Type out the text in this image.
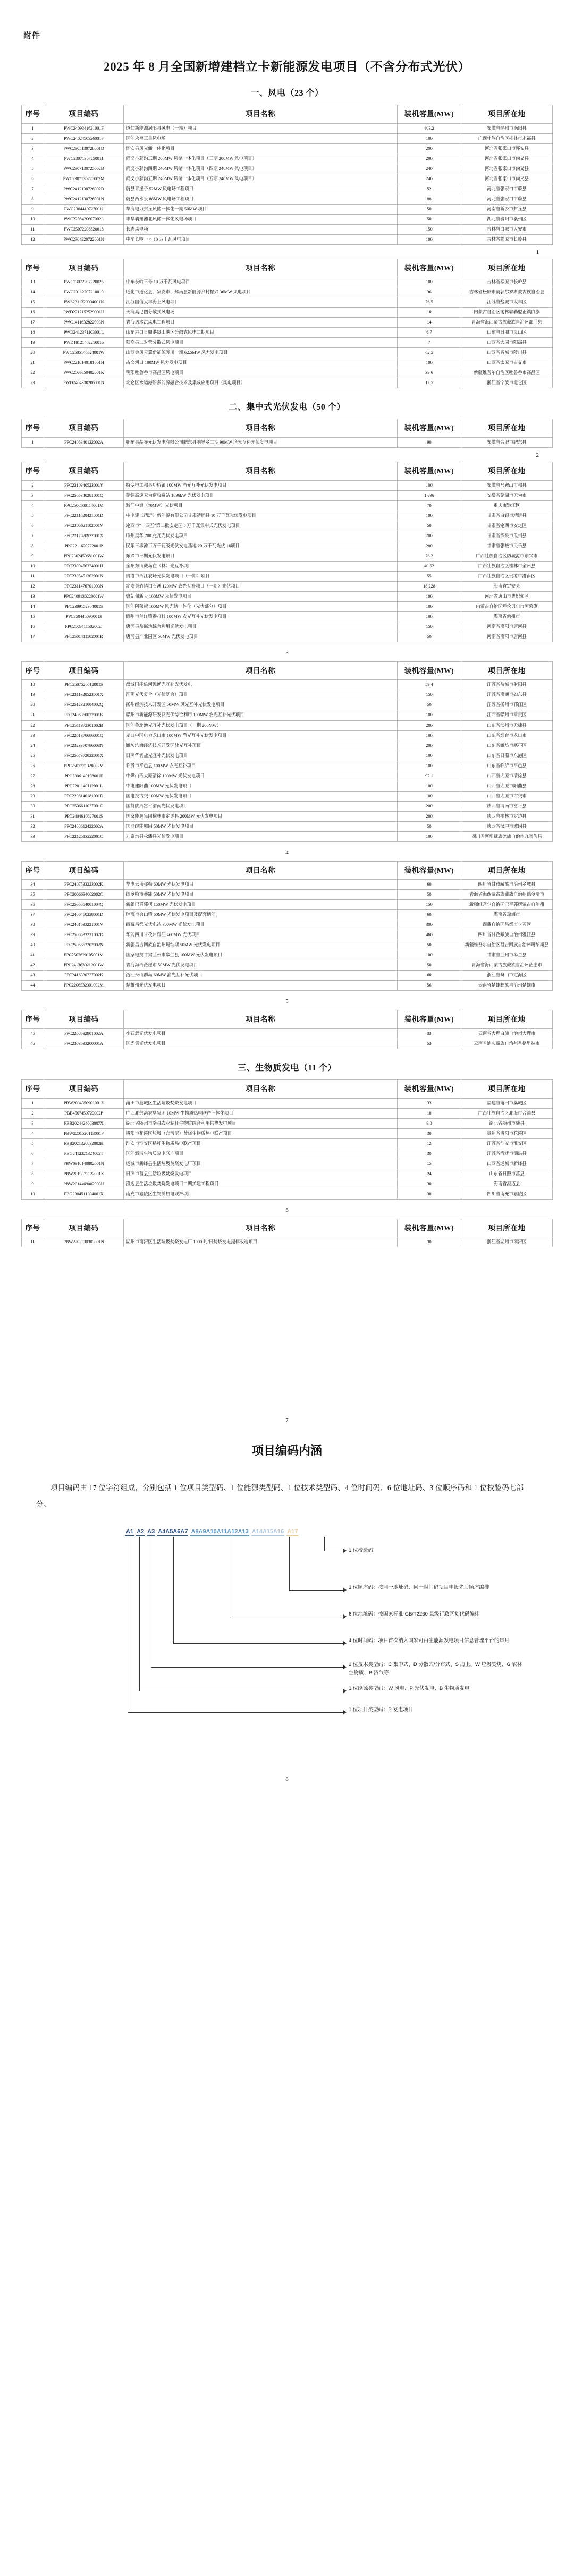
附件
2025 年 8 月全国新增建档立卡新能源发电项目（不含分布式光伏）
一、风电（23 个）
序号	项目编码	项目名称	装机容量(MW)	项目所在地
1	PWC2409341621001F	道仁新能源涡阳县风电（一期）项目	403.2	安徽省亳州市涡阳县
2	PWC2402450326001F	国能永福三皇风电场	100	广西壮族自治区桂林市永福县
3	PWC2305130728001D	怀安县风光储一体化项目	200	河北省张家口市怀安县
4	PWC23071307250011	尚义小蒜沟三期 200MW 风储一体化项目（三期 200MW 风电项目）	200	河北省张家口市尚义县
5	PWC2307130725002D	尚义小蒜沟四期 240MW 风储一体化项目（四期 240MW 风电项目）	240	河北省张家口市尚义县
6	PWC2307130725003M	尚义小蒜沟五期 240MW 风储一体化项目（五期 240MW 风电项目）	240	河北省张家口市尚义县
7	PWC2412130726002D	蔚县青崖子 52MW 风电场工程项目	52	河北省张家口市蔚县
8	PWC2412130726001N	蔚县西水泉 88MW 风电场工程项目	88	河北省张家口市蔚县
9	PWC2304410727001J	华润电力封丘风储一体化一期 50MW 项目	50	河南省新乡市封丘县
10	PWC2208420607002L	丰华襄州湘北风储一体化风电场项目	50	湖北省襄阳市襄州区
11	PWC25072208820018	长志风电场	150	吉林省白城市大安市
12	PWC2304220722001N	中车长岭一号 10 万千瓦风电项目	100	吉林省松原市长岭县
1
序号	项目编码	项目名称	装机容量(MW)	项目所在地
13	PWC23072207220025	中车长岭三号 10 万千瓦风电项目	100	吉林省松原市长岭县
14	PWC23112207210019	通化市通化县、集安市、辉南县新能源乡村振兴 36MW 风电项目	36	吉林省松原市前郭尔罗斯蒙古族自治县
15	PWS2311320904001N	江苏国信大丰海上风电项目	76.5	江苏省盐城市大丰区
16	PWD2212152529001U	天润高尼图分散式风电场	10	内蒙古自治区锡林郭勒盟正镶白旗
17	PWC1411632822003N	青海诺木洪风电工程项目	14	青海省海西蒙古族藏族自治州都兰县
18	PWD2412371103001L	山东港口日照港岚山港区分散式风电二期项目	6.7	山东省日照市岚山区
19	PWD18121402210015	阳高县二对营分散式风电项目	7	山西省大同市阳高县
20	PWC2505140524001W	山西金风天翼新能源陵川一期 62.5MW 风力发电项目	62.5	山西省晋城市陵川县
21	PWC2210140181001H	古交河口 100MW 风力发电项目	100	山西省太原市古交市
22	PWC2506650402001K	明阳吐鲁番市高昌区风电项目	39.6	新疆维吾尔自治区吐鲁番市高昌区
23	PWD2404330206001N	北仑区水运港船多能源融合技术及集成应用项目（风电项目）	12.5	浙江省宁波市北仑区
二、集中式光伏发电（50 个）
序号	项目编码	项目名称	装机容量(MW)	项目所在地
1	PPC2405340122002A	肥东县晶导光伏发电有限公司肥东县响导乡二期 90MW 渔光互补光伏发电项目	90	安徽省合肥市肥东县
2
序号	项目编码	项目名称	装机容量(MW)	项目所在地
2	PPC2310340523001Y	特变电工和县功桥镇 100MW 渔光互补光伏发电项目	100	安徽省马鞍山市和县
3	PPC2505340281001Q	芜铜高速无为南收费站 1696kW 光伏发电项目	1.696	安徽省芜湖市无为市
4	PPC2506500114001M	黔江中塘（70MW）光伏项目	70	重庆市黔江区
5	PPC2211620421001D	中电建（靖远）新能源有限公司甘肃靖远县 10 万千瓦光伏发电项目	100	甘肃省白银市靖远县
6	PPC2305621102001V	定西市"十四五"第二批安定区 5 万千瓦集中式光伏发电项目	50	甘肃省定西市安定区
7	PPC2212620922001X	瓜州昊华 200 兆瓦光伏发电项目	200	甘肃省酒泉市瓜州县
8	PPC2211620722001P	民乐三墩滩百万千瓦级光伏发电基地 20 万千瓦光伏 1#项目	200	甘肃省张掖市民乐县
9	PPC2302450681001W	东兴市三期光伏发电项目	76.2	广西壮族自治区防城港市东兴市
10	PPC2309450324001H	全州东山藏岛在（林）光互补项目	40.52	广西壮族自治区桂林市全州县
11	PPC2305451302001N	贵港市西江农场光伏发电项目（一期）项目	55	广西壮族自治区贵港市港南区
12	PPC2311470701003N	定安黄竹镇白石溪 120MW 农光互补项目（一期）光伏项目	18.228	海南省定安县
13	PPC2409130228001W	曹妃甸新天 100MW 光伏发电项目	100	河北省唐山市曹妃甸区
14	PPC2309152304001S	国能阿荣旗 100MW 风光储一体化（光伏部分）项目	100	内蒙古自治区呼伦贝尔市阿荣旗
15	PPC2504460900013	儋州市兰洋镇番打村 100MW 农光互补光伏发电项目	100	海南省儋州市
16	PPC2509411502002J	唐河县盐碱地综合利用光伏发电项目	150	河南省南阳市唐河县
17	PPC2501411502001R	唐河县产业园区 50MW 光伏发电项目	50	河南省南阳市唐河县
3
序号	项目编码	项目名称	装机容量(MW)	项目所在地
18	PPC2507520812001S	盘城国能沿河滩渔光互补光伏发电	59.4	江苏省盐城市射阳县
19	PPC2311320523001X	江阴光伏复合（光伏复合）项目	150	江苏省南通市如东县
20	PPC2512321004002Q	扬州经济技术开发区 50MW 风光互补光伏发电项目	50	江苏省扬州市邗江区
21	PPC2406360022001K	赣州市新能源研发及光伏综合利用 100MW 农光互补光伏项目	100	江西省赣州市章贡区
22	PPC2511372301002B	国能鲁北渔光互补光伏发电项目（一期 200MW）	200	山东省滨州市无棣县
23	PPC2201370686001Q	龙口中国电力龙口市 100MW 渔光互补光伏发电项目	100	山东省烟台市龙口市
24	PPC2323370786003N	潍坊滨海经济技术开发区盐光互补项目	200	山东省潍坊市寒亭区
25	PPC2507372022001X	日照华润盐光互补光伏发电项目	100	山东省日照市东港区
26	PPC2507371328002M	临沂市平邑县 100MW 农光互补项目	100	山东省临沂市平邑县
27	PPC2306140108001F	中煤山西太原清徐 100MW 光伏发电项目	92.1	山西省太原市清徐县
28	PPC2201140112001L	中电建阳曲 100MW 光伏发电项目	100	山西省太原市阳曲县
29	PPC2206140181001D	国电投古交 100MW 光伏发电项目	100	山西省太原市古交市
30	PPC2506611027001C	国能陕西富平渭南光伏发电项目	200	陕西省渭南市富平县
31	PPC2404610827001S	国家能源集团榆林市定边县 200MW 光伏发电项目	200	陕西省榆林市定边县
32	PPC2408612422002A	国网综能城固 50MW 光伏发电项目	50	陕西省汉中市城固县
33	PPC2212513222001C	九寨沟县松潘县光伏发电项目	100	四川省阿坝藏族羌族自治州九寨沟县
4
序号	项目编码	项目名称	装机容量(MW)	项目所在地
34	PPC2407533223002K	华电云南弥勒 60MW 光伏发电项目	60	四川省甘孜藏族自治州乡城县
35	PPC2006634002002C	德令哈市蓄能 50MW 光伏发电项目	50	青海省海西蒙古族藏族自治州德令哈市
36	PPC2505654001004Q	新疆巴音郭楞 150MW 光伏发电项目	150	新疆维吾尔自治区巴音郭楞蒙古自治州
37	PPC2406460228001D	琼海市会山镇 60MW 光伏发电项目及配套储能	60	海南省琼海市
38	PPC2401533221001V	西藏昌都光伏电站 300MW 光伏发电项目	300	西藏自治区昌都市卡若区
39	PPC2506533221002D	华能四川甘孜州雅江 460MW 光伏项目	460	四川省甘孜藏族自治州雅江县
40	PPC2505652302002N	新疆昌吉回族自治州玛纳斯 50MW 光伏发电项目	50	新疆维吾尔自治区昌吉回族自治州玛纳斯县
41	PPC2507620105001M	国家电投甘肃兰州市皋兰县 100MW 光伏发电项目	100	甘肃省兰州市皋兰县
42	PPC2413630212001W	青海海西茫崖市 50MW 光伏发电项目	50	青海省海西蒙古族藏族自治州茫崖市
43	PPC2416330227002K	浙江舟山群岛 60MW 渔光互补光伏项目	60	浙江省舟山市定海区
44	PPC2206532301002M	楚雄州光伏发电项目	56	云南省楚雄彝族自治州楚雄市
5
序号	项目编码	项目名称	装机容量(MW)	项目所在地
45	PPC2208532901002A	小石忽光伏发电项目	33	云南省大理白族自治州大理市
46	PPC2303533200001A	国光集光伏发电项目	53	云南省迪庆藏族自治州香格里拉市
三、生物质发电（11 个）
序号	项目编码	项目名称	装机容量(MW)	项目所在地
1	PBW2004350901001Z	莆田市荔城区生活垃圾焚烧发电项目	33	福建省莆田市荔城区
2	PBB4507450720002P	广西北部湾农垦集团 10MW 生物质热电联产一体化项目	10	广西壮族自治区北海市合浦县
3	PBB2024424003007X	湖北省随州市随县农业秸秆生物质综合利用供热发电项目	9.8	湖北省随州市随县
4	PBW2201520113001P	贵阳市花溪区垃圾（含污泥）焚烧生物质热电联产项目	30	贵州省贵阳市花溪区
5	PBB2021320832002H	淮安市淮安区秸秆生物质热电联产项目	12	江苏省淮安市淮安区
6	PBG2412321324002T	国能泗洪生物质热电联产项目	30	江苏省宿迁市泗洪县
7	PBW0910140802001N	运城市新绛县生活垃圾焚烧发电厂项目	15	山西省运城市新绛县
8	PBW2019371122001X	日照市莒县生活垃圾焚烧发电项目	24	山东省日照市莒县
9	PBW2014469002003U	澄迈县生活垃圾焚烧发电项目二期扩建工程项目	30	海南省澄迈县
10	PBG2304511304001X	南充市嘉陵区生物质热电联产项目	30	四川省南充市嘉陵区
6
序号	项目编码	项目名称	装机容量(MW)	项目所在地
11	PBW2203330303001N	湖州市南浔区生活垃圾焚烧发电厂 1000 吨/日焚烧发电提标改造项目	30	浙江省湖州市南浔区
7
项目编码内涵

项目编码由 17 位字符组成，分别包括 1 位项目类型码、1 位能源类型码、1 位技术类型码、4 位时间码、6 位地址码、3 位顺序码和 1 位校验码七部分。

A1 A2 A3 A4A5A6A7 A8A9A10A11A12A13 A14A15A16 A17
1 位校验码
3 位顺序码：按同一地址码、同一时间码项目申报先后顺序编排
6 位地址码：按国家标准 GB/T2260 县级行政区划代码编排
4 位时间码：项目首次纳入国家可再生能源发电项目信息管理平台的年月
1 位技术类型码：C 集中式、D 分散式/分布式、S 海上、W 垃圾焚烧、G 农林生物质、B 沼气等
1 位能源类型码：W 风电、P 光伏发电、B 生物质发电
1 位项目类型码：P 发电项目
8
